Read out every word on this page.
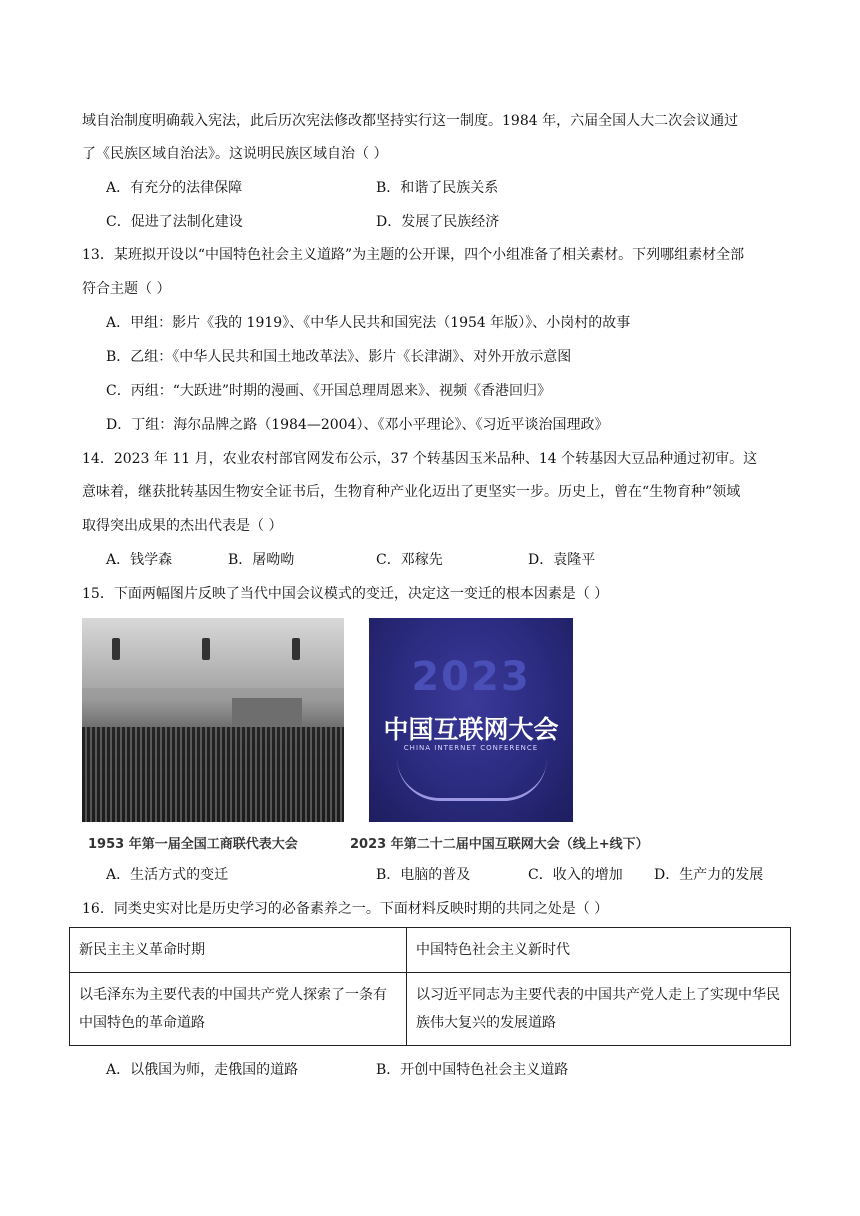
域自治制度明确载入宪法，此后历次宪法修改都坚持实行这一制度。1984 年，六届全国人大二次会议通过
了《民族区域自治法》。这说明民族区域自治（ ）
A．有充分的法律保障	B．和谐了民族关系
C．促进了法制化建设	D．发展了民族经济
13．某班拟开设以“中国特色社会主义道路”为主题的公开课，四个小组准备了相关素材。下列哪组素材全部
符合主题（ ）
A．甲组：影片《我的 1919》、《中华人民共和国宪法（1954 年版）》、小岗村的故事
B．乙组：《中华人民共和国土地改革法》、影片《长津湖》、对外开放示意图
C．丙组：“大跃进”时期的漫画、《开国总理周恩来》、视频《香港回归》
D．丁组：海尔品牌之路（1984—2004）、《邓小平理论》、《习近平谈治国理政》
14．2023 年 11 月，农业农村部官网发布公示，37 个转基因玉米品种、14 个转基因大豆品种通过初审。这
意味着，继获批转基因生物安全证书后，生物育种产业化迈出了更坚实一步。历史上，曾在“生物育种”领域
取得突出成果的杰出代表是（ ）
A．钱学森	B．屠呦呦	C．邓稼先	D．袁隆平
15．下面两幅图片反映了当代中国会议模式的变迁，决定这一变迁的根本因素是（ ）
2023
中国互联网大会
CHINA INTERNET CONFERENCE
1953 年第一届全国工商联代表大会	2023 年第二十二届中国互联网大会（线上+线下）
A．生活方式的变迁	B．电脑的普及	C．收入的增加 D．生产力的发展
16．同类史实对比是历史学习的必备素养之一。下面材料反映时期的共同之处是（ ）
新民主主义革命时期	中国特色社会主义新时代
以毛泽东为主要代表的中国共产党人探索了一条有中国特色的革命道路	以习近平同志为主要代表的中国共产党人走上了实现中华民族伟大复兴的发展道路
A．以俄国为师，走俄国的道路	B．开创中国特色社会主义道路
